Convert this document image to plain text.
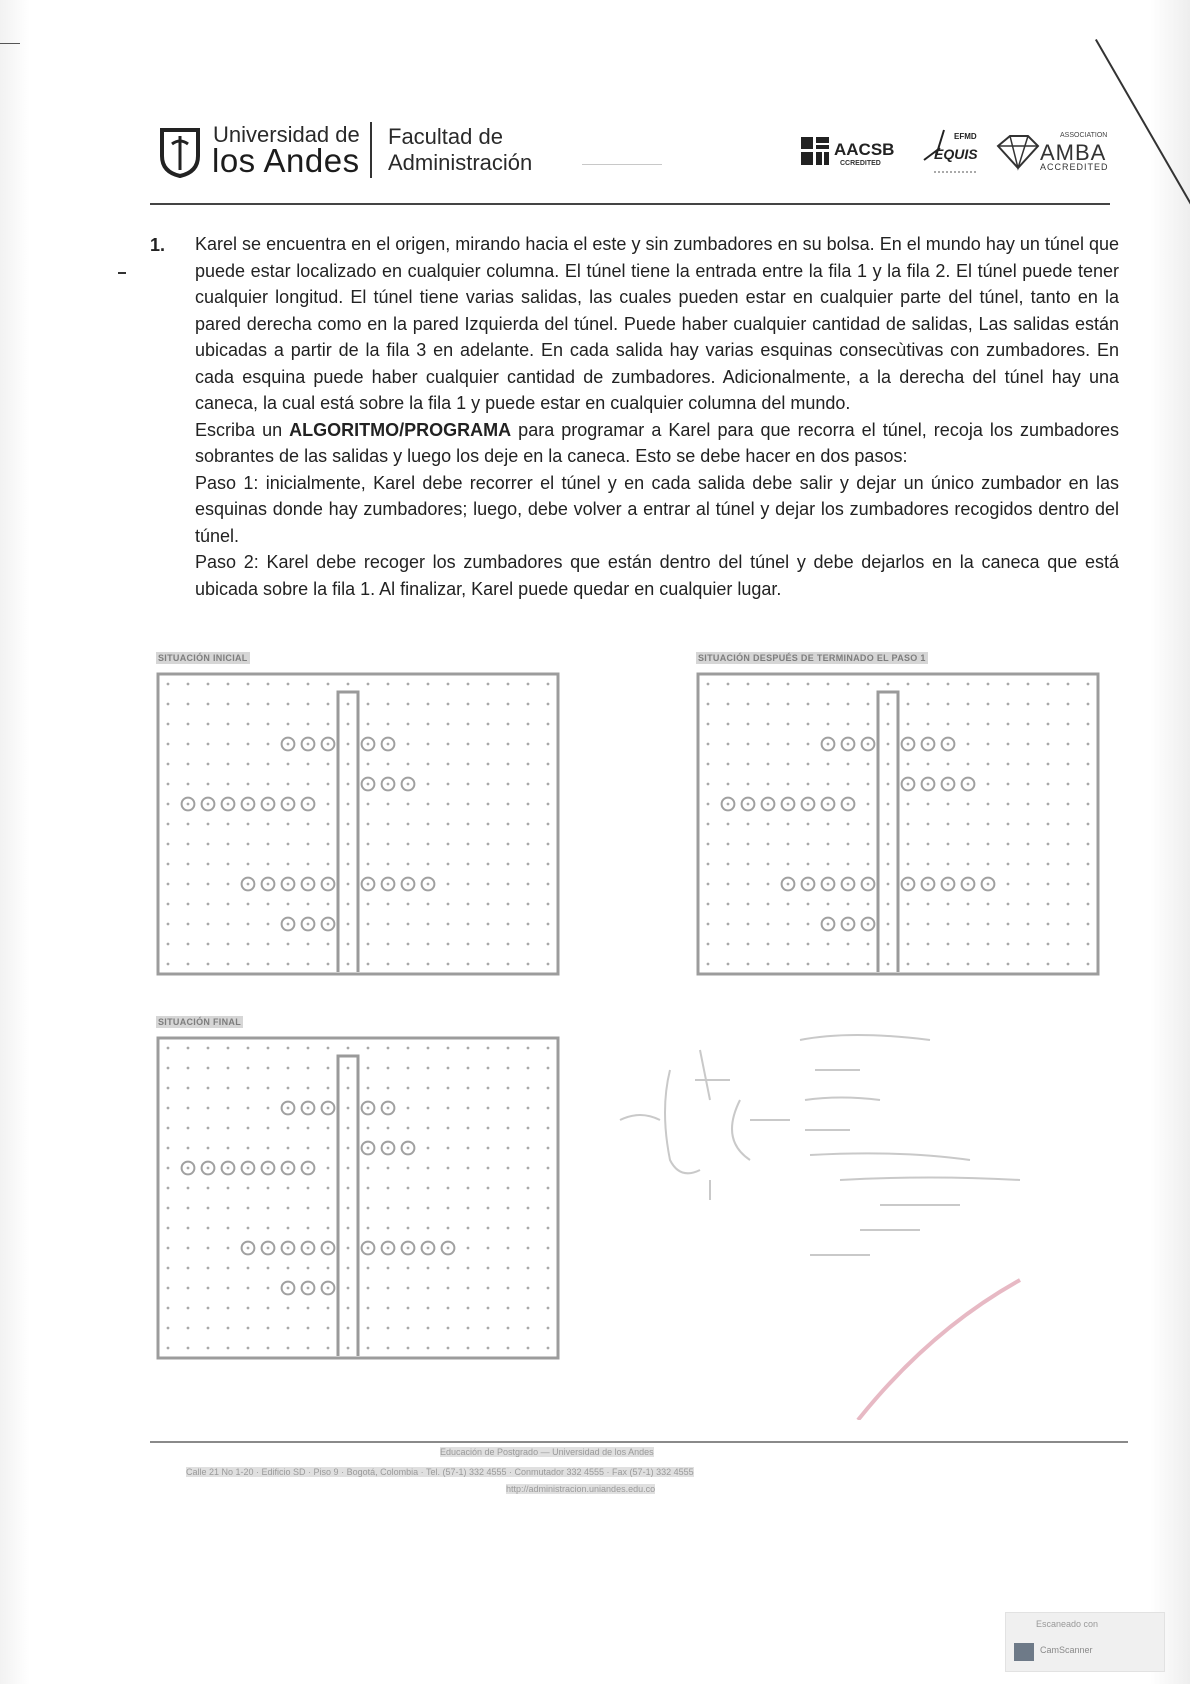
Universidad de
los Andes
Facultad de
Administración
AACSB
CCREDITED
EFMD
EQUIS
ASSOCIATION
AMBA
ACCREDITED
1. Karel se encuentra en el origen, mirando hacia el este y sin zumbadores en su bolsa. En el mundo hay un túnel que puede estar localizado en cualquier columna. El túnel tiene la entrada entre la fila 1 y la fila 2. El túnel puede tener cualquier longitud. El túnel tiene varias salidas, las cuales pueden estar en cualquier parte del túnel, tanto en la pared derecha como en la pared Izquierda del túnel. Puede haber cualquier cantidad de salidas, Las salidas están ubicadas a partir de la fila 3 en adelante. En cada salida hay varias esquinas consecùtivas con zumbadores. En cada esquina puede haber cualquier cantidad de zumbadores. Adicionalmente, a la derecha del túnel hay una caneca, la cual está sobre la fila 1 y puede estar en cualquier columna del mundo.

Escriba un ALGORITMO/PROGRAMA para programar a Karel para que recorra el túnel, recoja los zumbadores sobrantes de las salidas y luego los deje en la caneca. Esto se debe hacer en dos pasos:

Paso 1: inicialmente, Karel debe recorrer el túnel y en cada salida debe salir y dejar un único zumbador en las esquinas donde hay zumbadores; luego, debe volver a entrar al túnel y dejar los zumbadores recogidos dentro del túnel.

Paso 2: Karel debe recoger los zumbadores que están dentro del túnel y debe dejarlos en la caneca que está ubicada sobre la fila 1. Al finalizar, Karel puede quedar en cualquier lugar.

SITUACIÓN INICIAL	SITUACIÓN DESPUÉS DE TERMINADO EL PASO 1
SITUACIÓN FINAL
Educación de Postgrado — Universidad de los Andes
Calle 21 No 1-20 · Edificio SD · Piso 9 · Bogotá, Colombia · Tel. (57-1) 332 4555 · Conmutador 332 4555 · Fax (57-1) 332 4555
http://administracion.uniandes.edu.co
Escaneado con
CamScanner
